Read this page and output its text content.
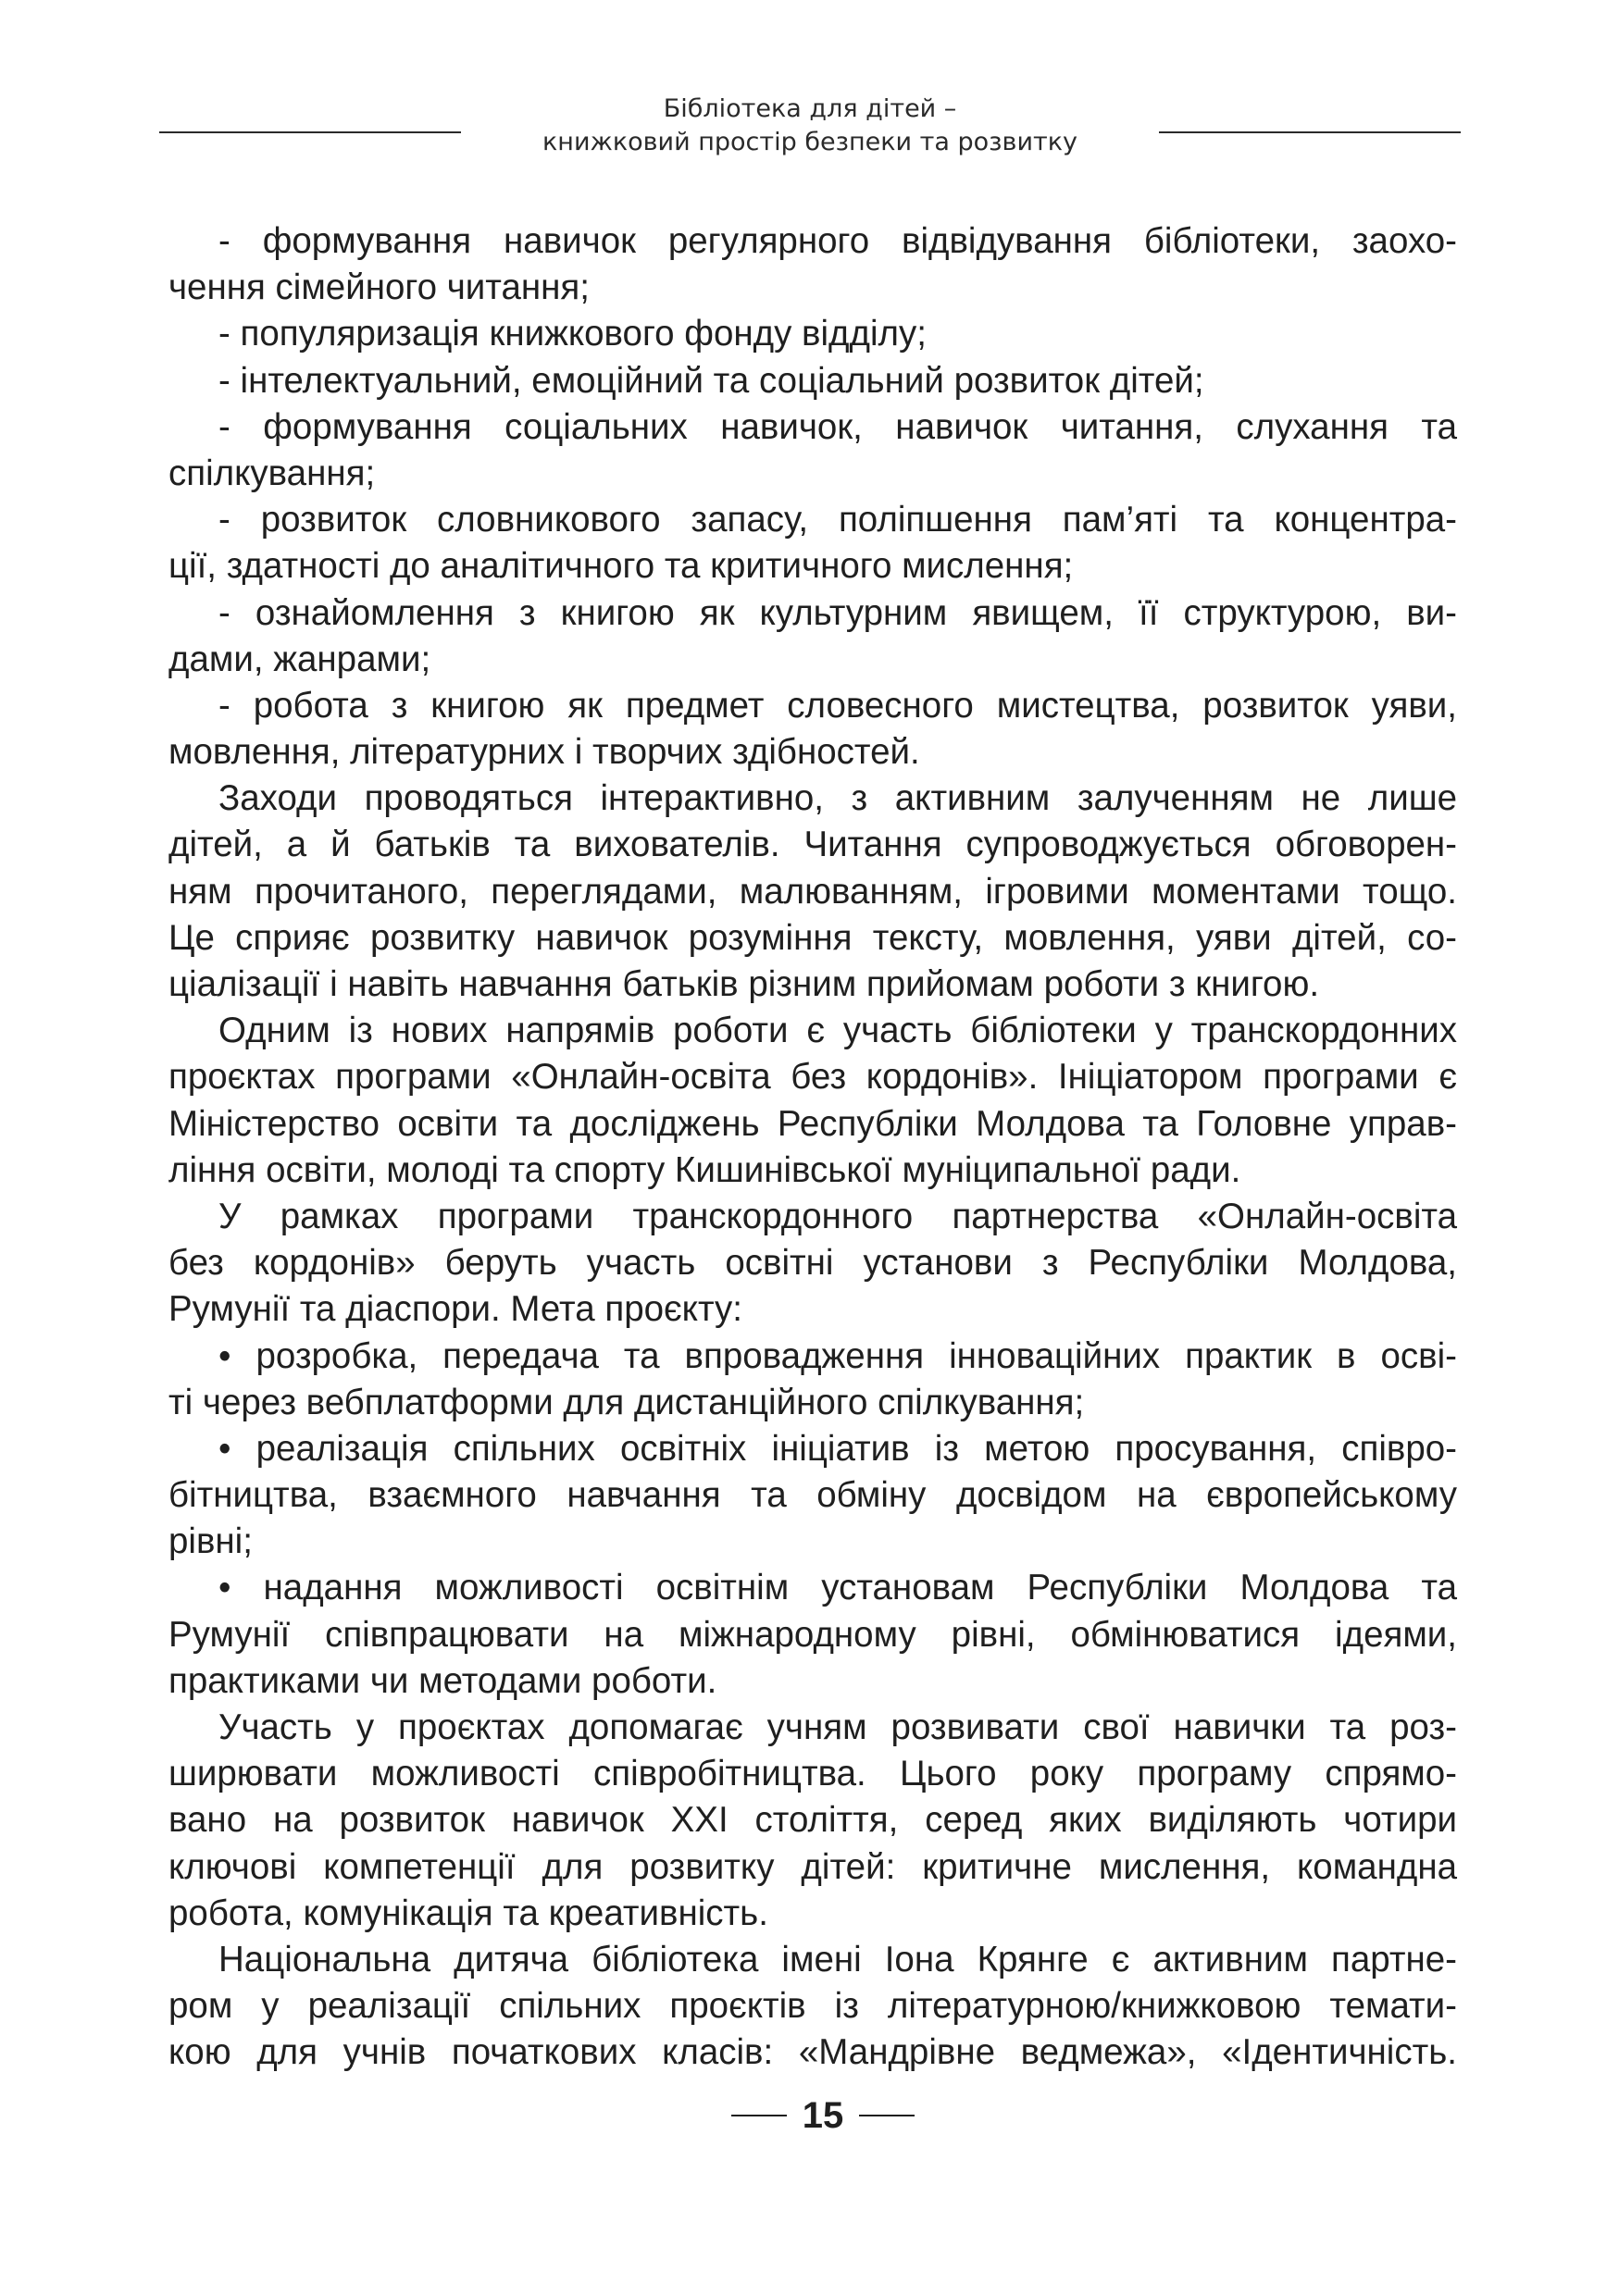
Бібліотека для дітей –
книжковий простір безпеки та розвитку
- формування навичок регулярного відвідування бібліотеки, заохо-
чення сімейного читання;
- популяризація книжкового фонду відділу;
- інтелектуальний, емоційний та соціальний розвиток дітей;
- формування соціальних навичок, навичок читання, слухання та
спілкування;
- розвиток словникового запасу, поліпшення пам’яті та концентра-
ції, здатності до аналітичного та критичного мислення;
- ознайомлення з книгою як культурним явищем, її структурою, ви-
дами, жанрами;
- робота з книгою як предмет словесного мистецтва, розвиток уяви,
мовлення, літературних і творчих здібностей.
Заходи проводяться інтерактивно, з активним залученням не лише
дітей, а й батьків та вихователів. Читання супроводжується обговорен-
ням прочитаного, переглядами, малюванням, ігровими моментами тощо.
Це сприяє розвитку навичок розуміння тексту, мовлення, уяви дітей, со-
ціалізації і навіть навчання батьків різним прийомам роботи з книгою.
Одним із нових напрямів роботи є участь бібліотеки у транскордонних
проєктах програми «Онлайн-освіта без кордонів». Ініціатором програми є
Міністерство освіти та досліджень Республіки Молдова та Головне управ-
ління освіти, молоді та спорту Кишинівської муніципальної ради.
У рамках програми транскордонного партнерства «Онлайн-освіта
без кордонів» беруть участь освітні установи з Республіки Молдова,
Румунії та діаспори. Мета проєкту:
• розробка, передача та впровадження інноваційних практик в осві-
ті через вебплатформи для дистанційного спілкування;
• реалізація спільних освітніх ініціатив із метою просування, співро-
бітництва, взаємного навчання та обміну досвідом на європейському
рівні;
• надання можливості освітнім установам Республіки Молдова та
Румунії співпрацювати на міжнародному рівні, обмінюватися ідеями,
практиками чи методами роботи.
Участь у проєктах допомагає учням розвивати свої навички та роз-
ширювати можливості співробітництва. Цього року програму спрямо-
вано на розвиток навичок XXI століття, серед яких виділяють чотири
ключові компетенції для розвитку дітей: критичне мислення, командна
робота, комунікація та креативність.
Національна дитяча бібліотека імені Іона Крянге є активним партне-
ром у реалізації спільних проєктів із літературною/книжковою темати-
кою для учнів початкових класів: «Мандрівне ведмежа», «Ідентичність.
15
